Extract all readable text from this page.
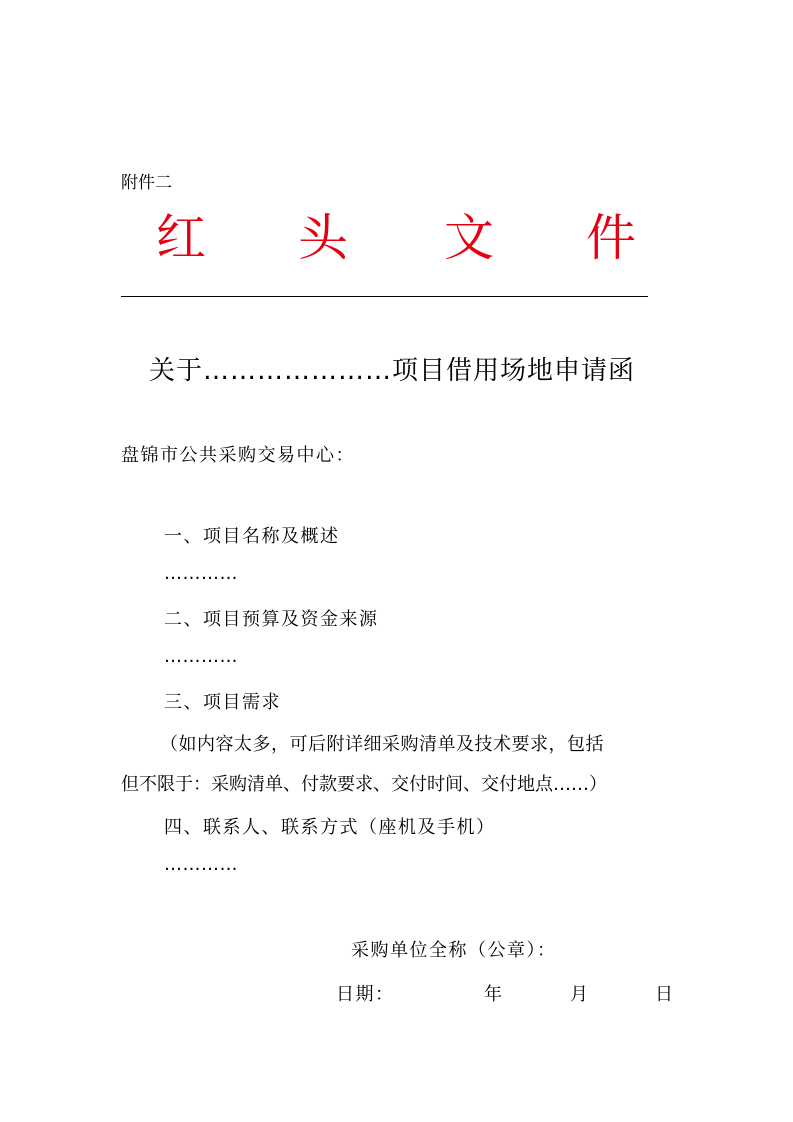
附件二
红 头 文 件
关于…………………项目借用场地申请函
盘锦市公共采购交易中心：
一、项目名称及概述
…………
二、项目预算及资金来源
…………
三、项目需求
（如内容太多，可后附详细采购清单及技术要求，包括
但不限于：采购清单、付款要求、交付时间、交付地点……）
四、联系人、联系方式（座机及手机）
…………
采购单位全称（公章）：
日期：	年	月	日
